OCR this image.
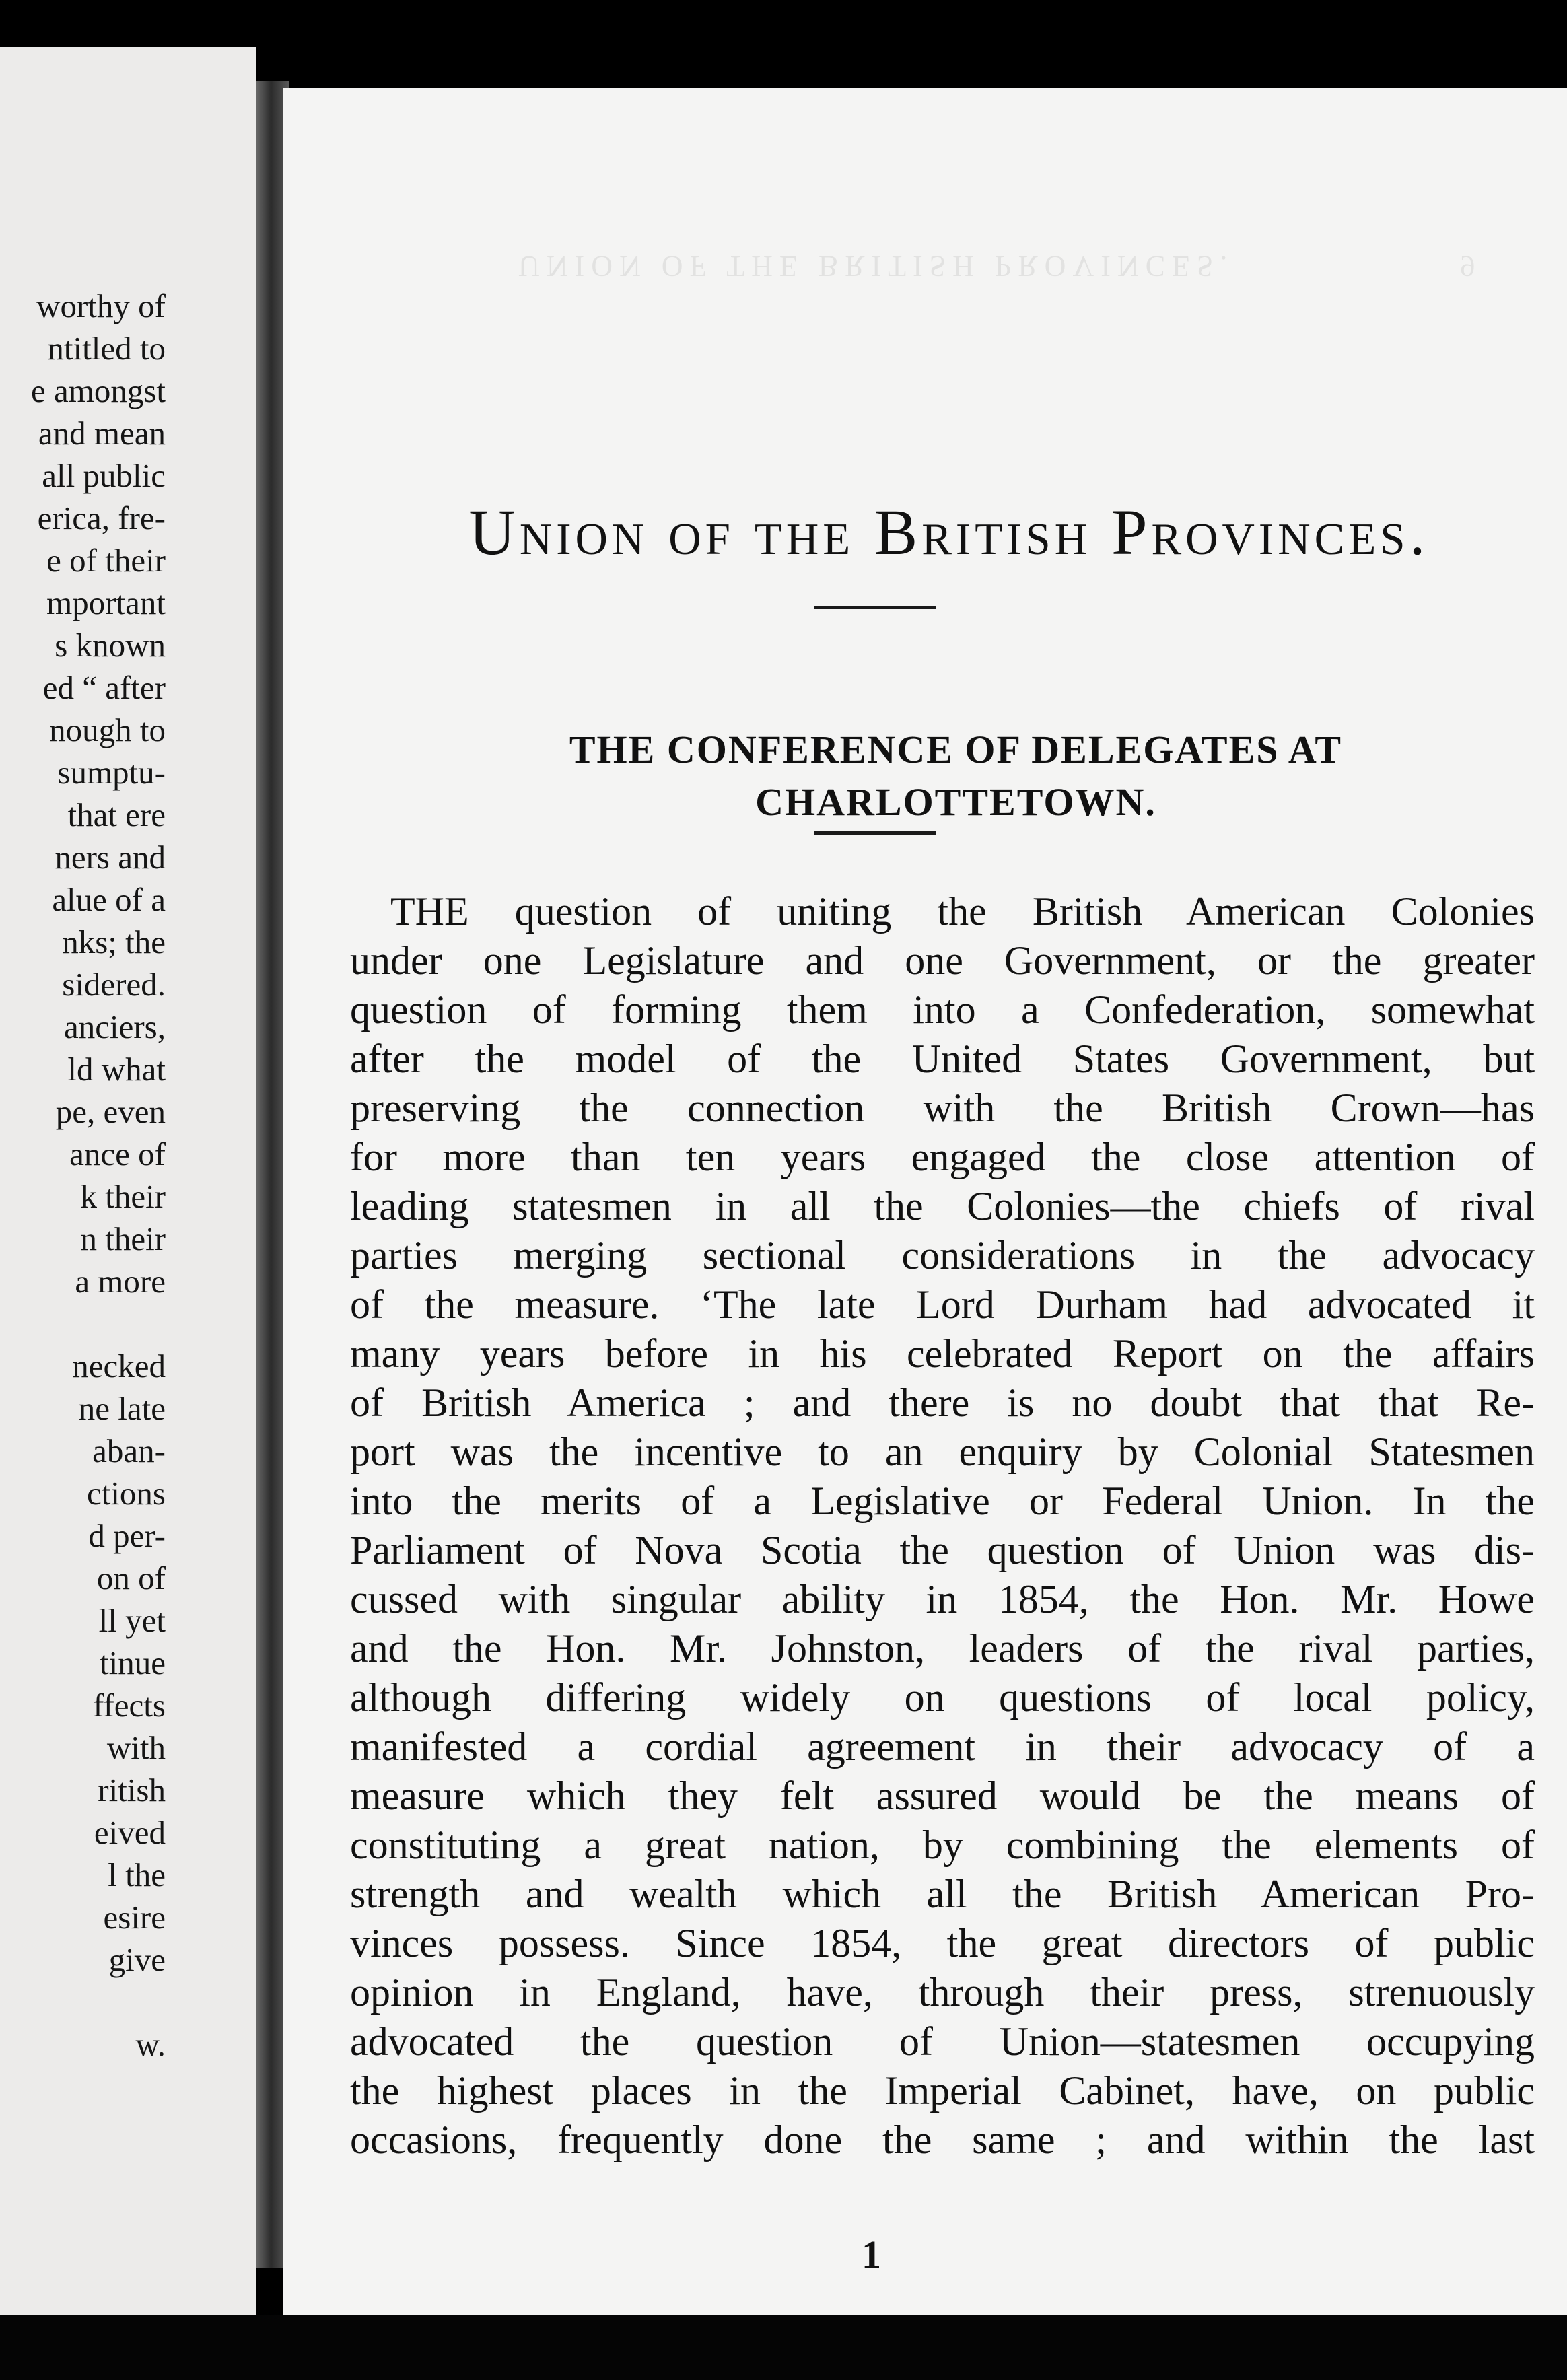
worthy of
ntitled to
e amongst
and mean
all public
erica, fre-
e of their
mportant
s known
ed “ after
nough to
sumptu-
that ere
ners and
alue of a
nks; the
sidered.
anciers,
ld what
pe, even
ance of
k their
n their
a more
necked
ne late
aban-
ctions
d per-
on of
ll yet
tinue
ffects
with
ritish
eived
l the
esire
give
w.
UNION OF THE BRITISH PROVINCES.                9
Union of the British Provinces.
THE CONFERENCE OF DELEGATES AT
CHARLOTTETOWN.
THE question of uniting the British American Colonies
under one Legislature and one Government, or the greater
question of forming them into a Confederation, somewhat
after the model of the United States Government, but
preserving the connection with the British Crown—has
for more than ten years engaged the close attention of
leading statesmen in all the Colonies—the chiefs of rival
parties merging sectional considerations in the advocacy
of the measure. ‘The late Lord Durham had advocated it
many years before in his celebrated Report on the affairs
of British America ; and there is no doubt that that Re-
port was the incentive to an enquiry by Colonial Statesmen
into the merits of a Legislative or Federal Union. In the
Parliament of Nova Scotia the question of Union was dis-
cussed with singular ability in 1854, the Hon. Mr. Howe
and the Hon. Mr. Johnston, leaders of the rival parties,
although differing widely on questions of local policy,
manifested a cordial agreement in their advocacy of a
measure which they felt assured would be the means of
constituting a great nation, by combining the elements of
strength and wealth which all the British American Pro-
vinces possess. Since 1854, the great directors of public
opinion in England, have, through their press, strenuously
advocated the question of Union—statesmen occupying
the highest places in the Imperial Cabinet, have, on public
occasions, frequently done the same ; and within the last
1
